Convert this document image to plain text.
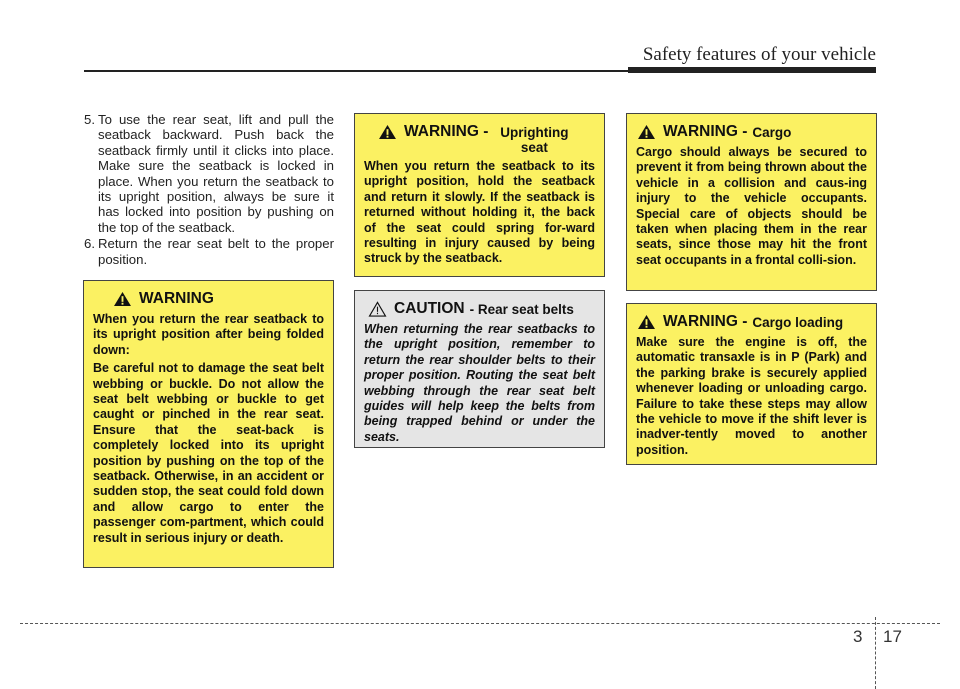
Safety features of your vehicle
5. To use the rear seat, lift and pull the seatback backward. Push back the seatback firmly until it clicks into place. Make sure the seatback is locked in place. When you return the seatback to its upright position, always be sure it has locked into position by pushing on the top of the seatback.
6. Return the rear seat belt to the proper position.
WARNING

When you return the rear seatback to its upright position after being folded down:

Be careful not to damage the seat belt webbing or buckle. Do not allow the seat belt webbing or buckle to get caught or pinched in the rear seat. Ensure that the seat-back is completely locked into its upright position by pushing on the top of the seatback. Otherwise, in an accident or sudden stop, the seat could fold down and allow cargo to enter the passenger com-partment, which could result in serious injury or death.

WARNING - Uprighting seat

When you return the seatback to its upright position, hold the seatback and return it slowly. If the seatback is returned without holding it, the back of the seat could spring for-ward resulting in injury caused by being struck by the seatback.

CAUTION - Rear seat belts

When returning the rear seatbacks to the upright position, remember to return the rear shoulder belts to their proper position. Routing the seat belt webbing through the rear seat belt guides will help keep the belts from being trapped behind or under the seats.

WARNING - Cargo

Cargo should always be secured to prevent it from being thrown about the vehicle in a collision and caus-ing injury to the vehicle occupants. Special care of objects should be taken when placing them in the rear seats, since those may hit the front seat occupants in a frontal colli-sion.

WARNING - Cargo loading

Make sure the engine is off, the automatic transaxle is in P (Park) and the parking brake is securely applied whenever loading or unloading cargo. Failure to take these steps may allow the vehicle to move if the shift lever is inadver-tently moved to another position.

3 17
